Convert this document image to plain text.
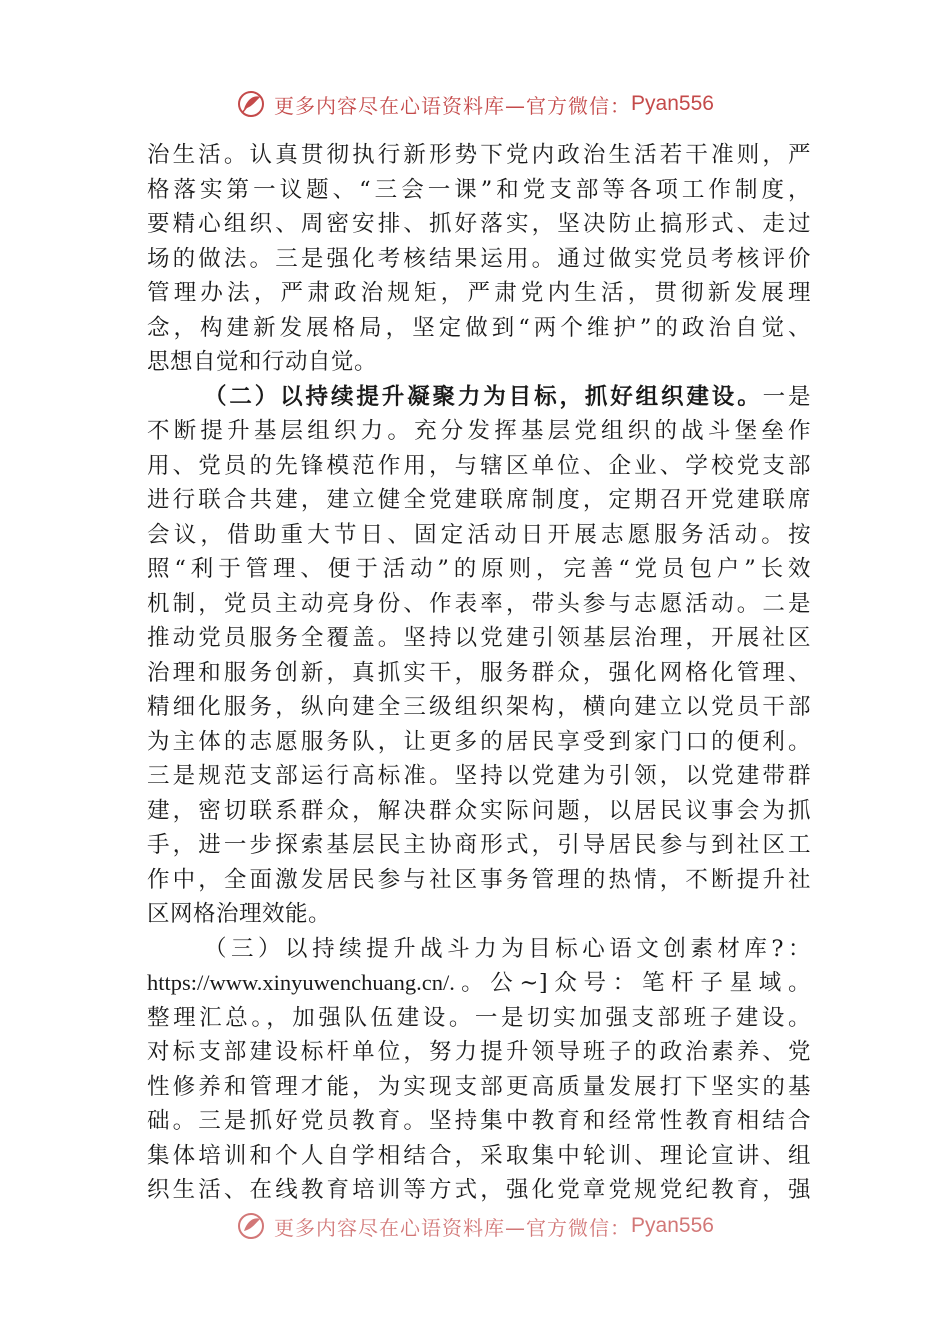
更多内容尽在心语资料库—官方微信： Pyan556
治生活。认真贯彻执行新形势下党内政治生活若干准则，严
格落实第一议题、“三会一课”和党支部等各项工作制度，
要精心组织、周密安排、抓好落实，坚决防止搞形式、走过
场的做法。三是强化考核结果运用。通过做实党员考核评价
管理办法，严肃政治规矩，严肃党内生活，贯彻新发展理
念，构建新发展格局，坚定做到“两个维护”的政治自觉、
思想自觉和行动自觉。
（二）以持续提升凝聚力为目标，抓好组织建设。一是
不断提升基层组织力。充分发挥基层党组织的战斗堡垒作
用、党员的先锋模范作用，与辖区单位、企业、学校党支部
进行联合共建，建立健全党建联席制度，定期召开党建联席
会议，借助重大节日、固定活动日开展志愿服务活动。按
照“利于管理、便于活动”的原则，完善“党员包户”长效
机制，党员主动亮身份、作表率，带头参与志愿活动。二是
推动党员服务全覆盖。坚持以党建引领基层治理，开展社区
治理和服务创新，真抓实干，服务群众，强化网格化管理、
精细化服务，纵向建全三级组织架构，横向建立以党员干部
为主体的志愿服务队，让更多的居民享受到家门口的便利。
三是规范支部运行高标准。坚持以党建为引领，以党建带群
建，密切联系群众，解决群众实际问题，以居民议事会为抓
手，进一步探索基层民主协商形式，引导居民参与到社区工
作中，全面激发居民参与社区事务管理的热情，不断提升社
区网格治理效能。
（三）以持续提升战斗力为目标心语文创素材库?：
https://www.xinyuwenchuang.cn/.。公~]众号：笔杆子星域。
整理汇总。，加强队伍建设。一是切实加强支部班子建设。
对标支部建设标杆单位，努力提升领导班子的政治素养、党
性修养和管理才能，为实现支部更高质量发展打下坚实的基
础。三是抓好党员教育。坚持集中教育和经常性教育相结合
集体培训和个人自学相结合，采取集中轮训、理论宣讲、组
织生活、在线教育培训等方式，强化党章党规党纪教育，强
更多内容尽在心语资料库—官方微信： Pyan556
